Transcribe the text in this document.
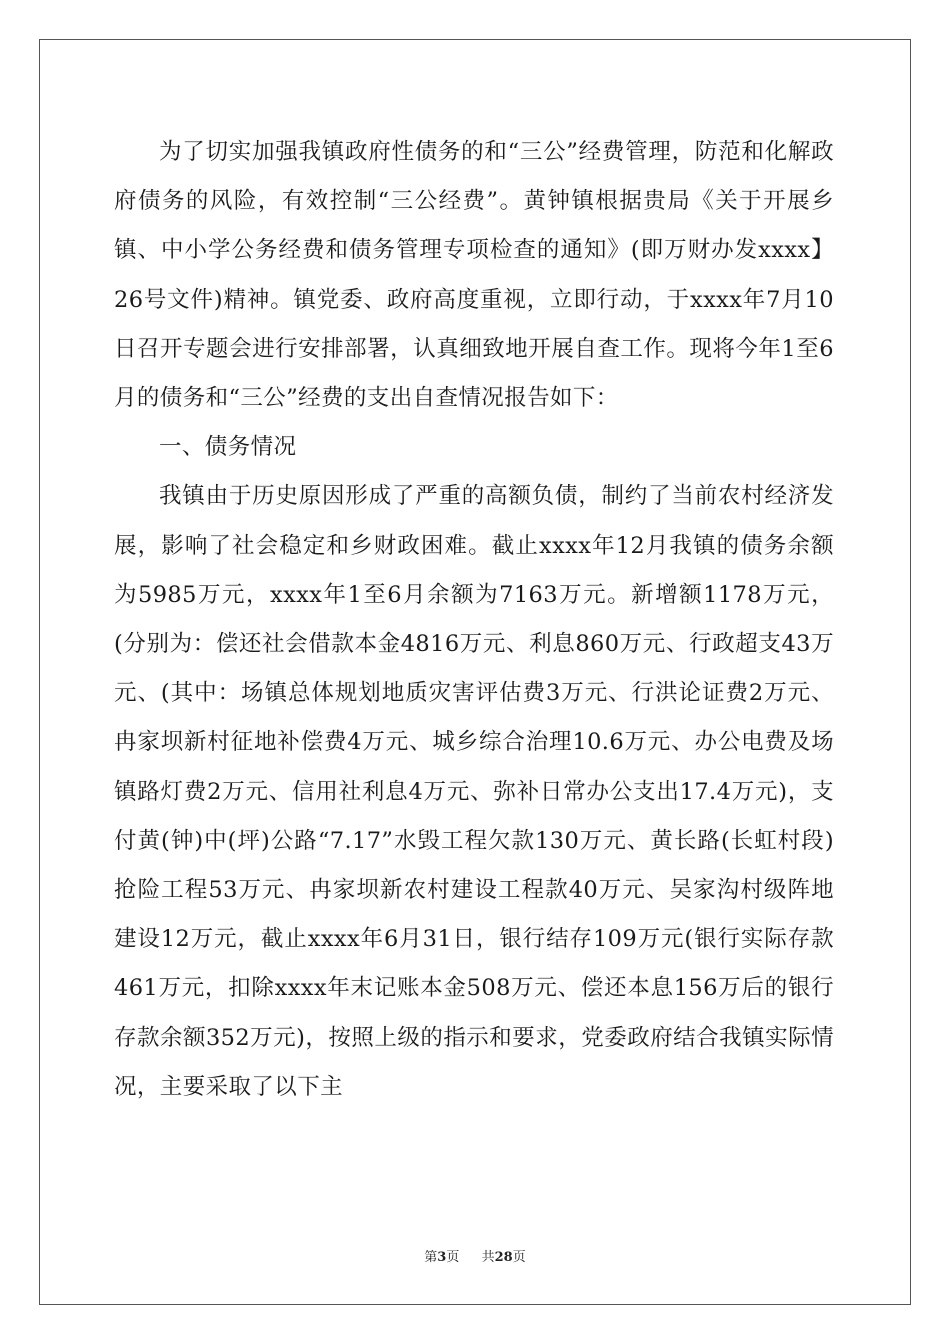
为了切实加强我镇政府性债务的和“三公”经费管理，防范和化解政府债务的风险，有效控制“三公经费”。黄钟镇根据贵局《关于开展乡镇、中小学公务经费和债务管理专项检查的通知》(即万财办发xxxx】26号文件)精神。镇党委、政府高度重视，立即行动，于xxxx年7月10日召开专题会进行安排部署，认真细致地开展自查工作。现将今年1至6月的债务和“三公”经费的支出自查情况报告如下：

一、债务情况

我镇由于历史原因形成了严重的高额负债，制约了当前农村经济发展，影响了社会稳定和乡财政困难。截止xxxx年12月我镇的债务余额为5985万元，xxxx年1至6月余额为7163万元。新增额1178万元，(分别为：偿还社会借款本金4816万元、利息860万元、行政超支43万元、(其中：场镇总体规划地质灾害评估费3万元、行洪论证费2万元、冉家坝新村征地补偿费4万元、城乡综合治理10.6万元、办公电费及场镇路灯费2万元、信用社利息4万元、弥补日常办公支出17.4万元)，支付黄(钟)中(坪)公路“7.17”水毁工程欠款130万元、黄长路(长虹村段)抢险工程53万元、冉家坝新农村建设工程款40万元、吴家沟村级阵地建设12万元，截止xxxx年6月31日，银行结存109万元(银行实际存款461万元，扣除xxxx年末记账本金508万元、偿还本息156万后的银行存款余额352万元)，按照上级的指示和要求，党委政府结合我镇实际情况，主要采取了以下主

第3页 共28页
